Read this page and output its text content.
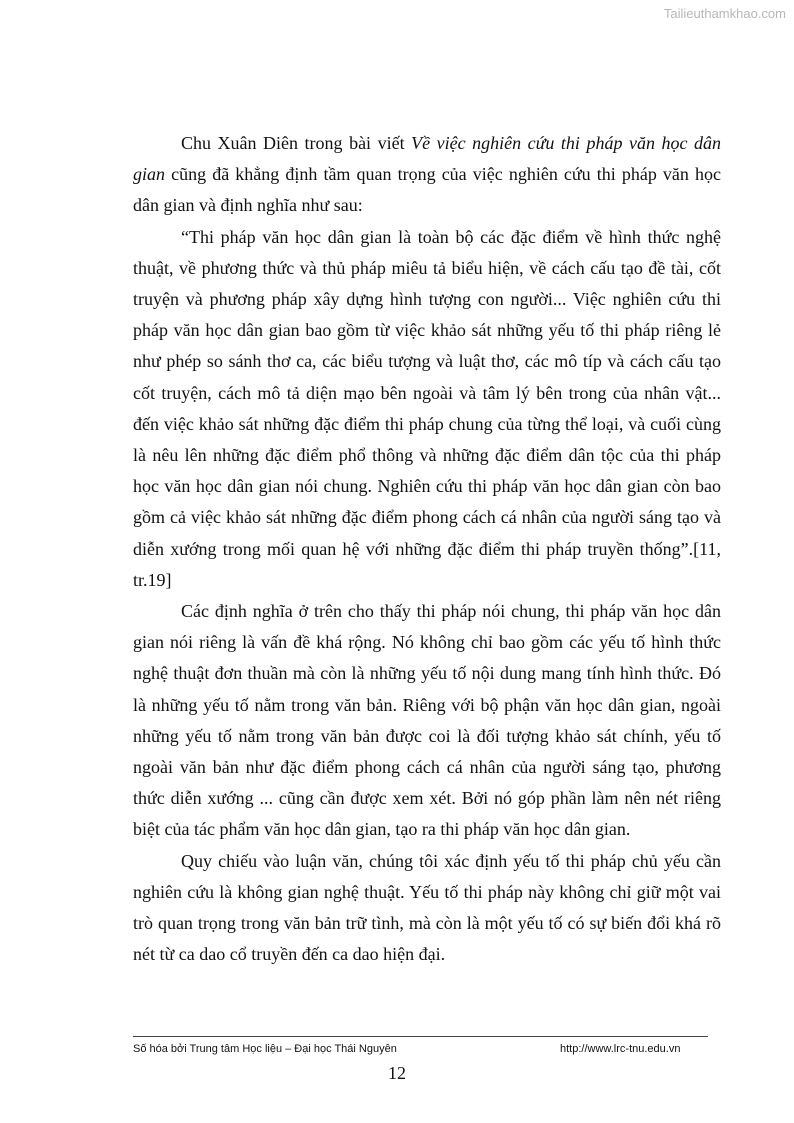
Tailieuthamkhao.com

Chu Xuân Diên trong bài viết Về việc nghiên cứu thi pháp văn học dân gian cũng đã khẳng định tầm quan trọng của việc nghiên cứu thi pháp văn học dân gian và định nghĩa như sau:

“Thi pháp văn học dân gian là toàn bộ các đặc điểm về hình thức nghệ thuật, về phương thức và thủ pháp miêu tả biểu hiện, về cách cấu tạo đề tài, cốt truyện và phương pháp xây dựng hình tượng con người... Việc nghiên cứu thi pháp văn học dân gian bao gồm từ việc khảo sát những yếu tố thi pháp riêng lẻ như phép so sánh thơ ca, các biểu tượng và luật thơ, các mô típ và cách cấu tạo cốt truyện, cách mô tả diện mạo bên ngoài và tâm lý bên trong của nhân vật... đến việc khảo sát những đặc điểm thi pháp chung của từng thể loại, và cuối cùng là nêu lên những đặc điểm phổ thông và những đặc điểm dân tộc của thi pháp học văn học dân gian nói chung. Nghiên cứu thi pháp văn học dân gian còn bao gồm cả việc khảo sát những đặc điểm phong cách cá nhân của người sáng tạo và diễn xướng trong mối quan hệ với những đặc điểm thi pháp truyền thống”.[11, tr.19]

Các định nghĩa ở trên cho thấy thi pháp nói chung, thi pháp văn học dân gian nói riêng là vấn đề khá rộng. Nó không chỉ bao gồm các yếu tố hình thức nghệ thuật đơn thuần mà còn là những yếu tố nội dung mang tính hình thức. Đó là những yếu tố nằm trong văn bản. Riêng với bộ phận văn học dân gian, ngoài những yếu tố nằm trong văn bản được coi là đối tượng khảo sát chính, yếu tố ngoài văn bản như đặc điểm phong cách cá nhân của người sáng tạo, phương thức diễn xướng ... cũng cần được xem xét. Bởi nó góp phần làm nên nét riêng biệt của tác phẩm văn học dân gian, tạo ra thi pháp văn học dân gian.

Quy chiếu vào luận văn, chúng tôi xác định yếu tố thi pháp chủ yếu cần nghiên cứu là không gian nghệ thuật. Yếu tố thi pháp này không chỉ giữ một vai trò quan trọng trong văn bản trữ tình, mà còn là một yếu tố có sự biến đổi khá rõ nét từ ca dao cổ truyền đến ca dao hiện đại.

Số hóa bởi Trung tâm Học liệu – Đại học Thái Nguyên	http://www.lrc-tnu.edu.vn
12
